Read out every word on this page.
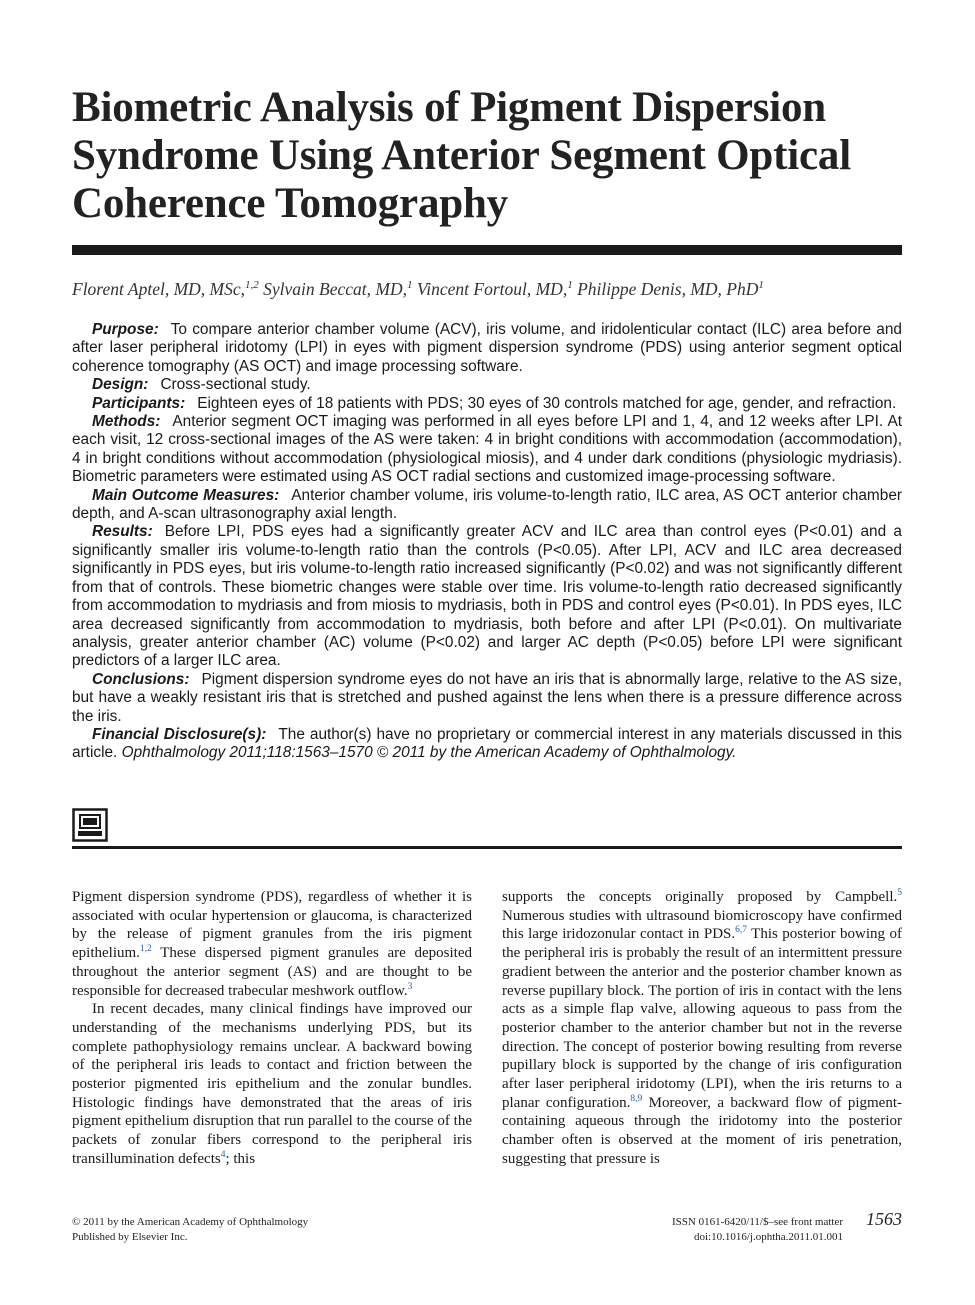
Biometric Analysis of Pigment Dispersion Syndrome Using Anterior Segment Optical Coherence Tomography
Florent Aptel, MD, MSc,$^{1,2}$ Sylvain Beccat, MD,$^1$ Vincent Fortoul, MD,$^1$ Philippe Denis, MD, PhD$^1$

Purpose: To compare anterior chamber volume (ACV), iris volume, and iridolenticular contact (ILC) area before and after laser peripheral iridotomy (LPI) in eyes with pigment dispersion syndrome (PDS) using anterior segment optical coherence tomography (AS OCT) and image processing software.

Design: Cross-sectional study.

Participants: Eighteen eyes of 18 patients with PDS; 30 eyes of 30 controls matched for age, gender, and refraction.

Methods: Anterior segment OCT imaging was performed in all eyes before LPI and 1, 4, and 12 weeks after LPI. At each visit, 12 cross-sectional images of the AS were taken: 4 in bright conditions with accommodation (accommodation), 4 in bright conditions without accommodation (physiological miosis), and 4 under dark conditions (physiologic mydriasis). Biometric parameters were estimated using AS OCT radial sections and customized image-processing software.

Main Outcome Measures: Anterior chamber volume, iris volume-to-length ratio, ILC area, AS OCT anterior chamber depth, and A-scan ultrasonography axial length.

Results: Before LPI, PDS eyes had a significantly greater ACV and ILC area than control eyes (P<0.01) and a significantly smaller iris volume-to-length ratio than the controls (P<0.05). After LPI, ACV and ILC area decreased significantly in PDS eyes, but iris volume-to-length ratio increased significantly (P<0.02) and was not significantly different from that of controls. These biometric changes were stable over time. Iris volume-to-length ratio decreased significantly from accommodation to mydriasis and from miosis to mydriasis, both in PDS and control eyes (P<0.01). In PDS eyes, ILC area decreased significantly from accommodation to mydriasis, both before and after LPI (P<0.01). On multivariate analysis, greater anterior chamber (AC) volume (P<0.02) and larger AC depth (P<0.05) before LPI were significant predictors of a larger ILC area.

Conclusions: Pigment dispersion syndrome eyes do not have an iris that is abnormally large, relative to the AS size, but have a weakly resistant iris that is stretched and pushed against the lens when there is a pressure difference across the iris.

Financial Disclosure(s): The author(s) have no proprietary or commercial interest in any materials discussed in this article. Ophthalmology 2011;118:1563–1570 © 2011 by the American Academy of Ophthalmology.

Pigment dispersion syndrome (PDS), regardless of whether it is associated with ocular hypertension or glaucoma, is characterized by the release of pigment granules from the iris pigment epithelium.$^{1,2}$ These dispersed pigment granules are deposited throughout the anterior segment (AS) and are thought to be responsible for decreased trabecular meshwork outflow.$^3$

In recent decades, many clinical findings have improved our understanding of the mechanisms underlying PDS, but its complete pathophysiology remains unclear. A backward bowing of the peripheral iris leads to contact and friction between the posterior pigmented iris epithelium and the zonular bundles. Histologic findings have demonstrated that the areas of iris pigment epithelium disruption that run parallel to the course of the packets of zonular fibers correspond to the peripheral iris transillumination defects$^4$; this

supports the concepts originally proposed by Campbell.$^5$ Numerous studies with ultrasound biomicroscopy have confirmed this large iridozonular contact in PDS.$^{6,7}$ This posterior bowing of the peripheral iris is probably the result of an intermittent pressure gradient between the anterior and the posterior chamber known as reverse pupillary block. The portion of iris in contact with the lens acts as a simple flap valve, allowing aqueous to pass from the posterior chamber to the anterior chamber but not in the reverse direction. The concept of posterior bowing resulting from reverse pupillary block is supported by the change of iris configuration after laser peripheral iridotomy (LPI), when the iris returns to a planar configuration.$^{8,9}$ Moreover, a backward flow of pigment-containing aqueous through the iridotomy into the posterior chamber often is observed at the moment of iris penetration, suggesting that pressure is

© 2011 by the American Academy of Ophthalmology
Published by Elsevier Inc.
ISSN 0161-6420/11/$–see front matter
doi:10.1016/j.ophtha.2011.01.001
1563
